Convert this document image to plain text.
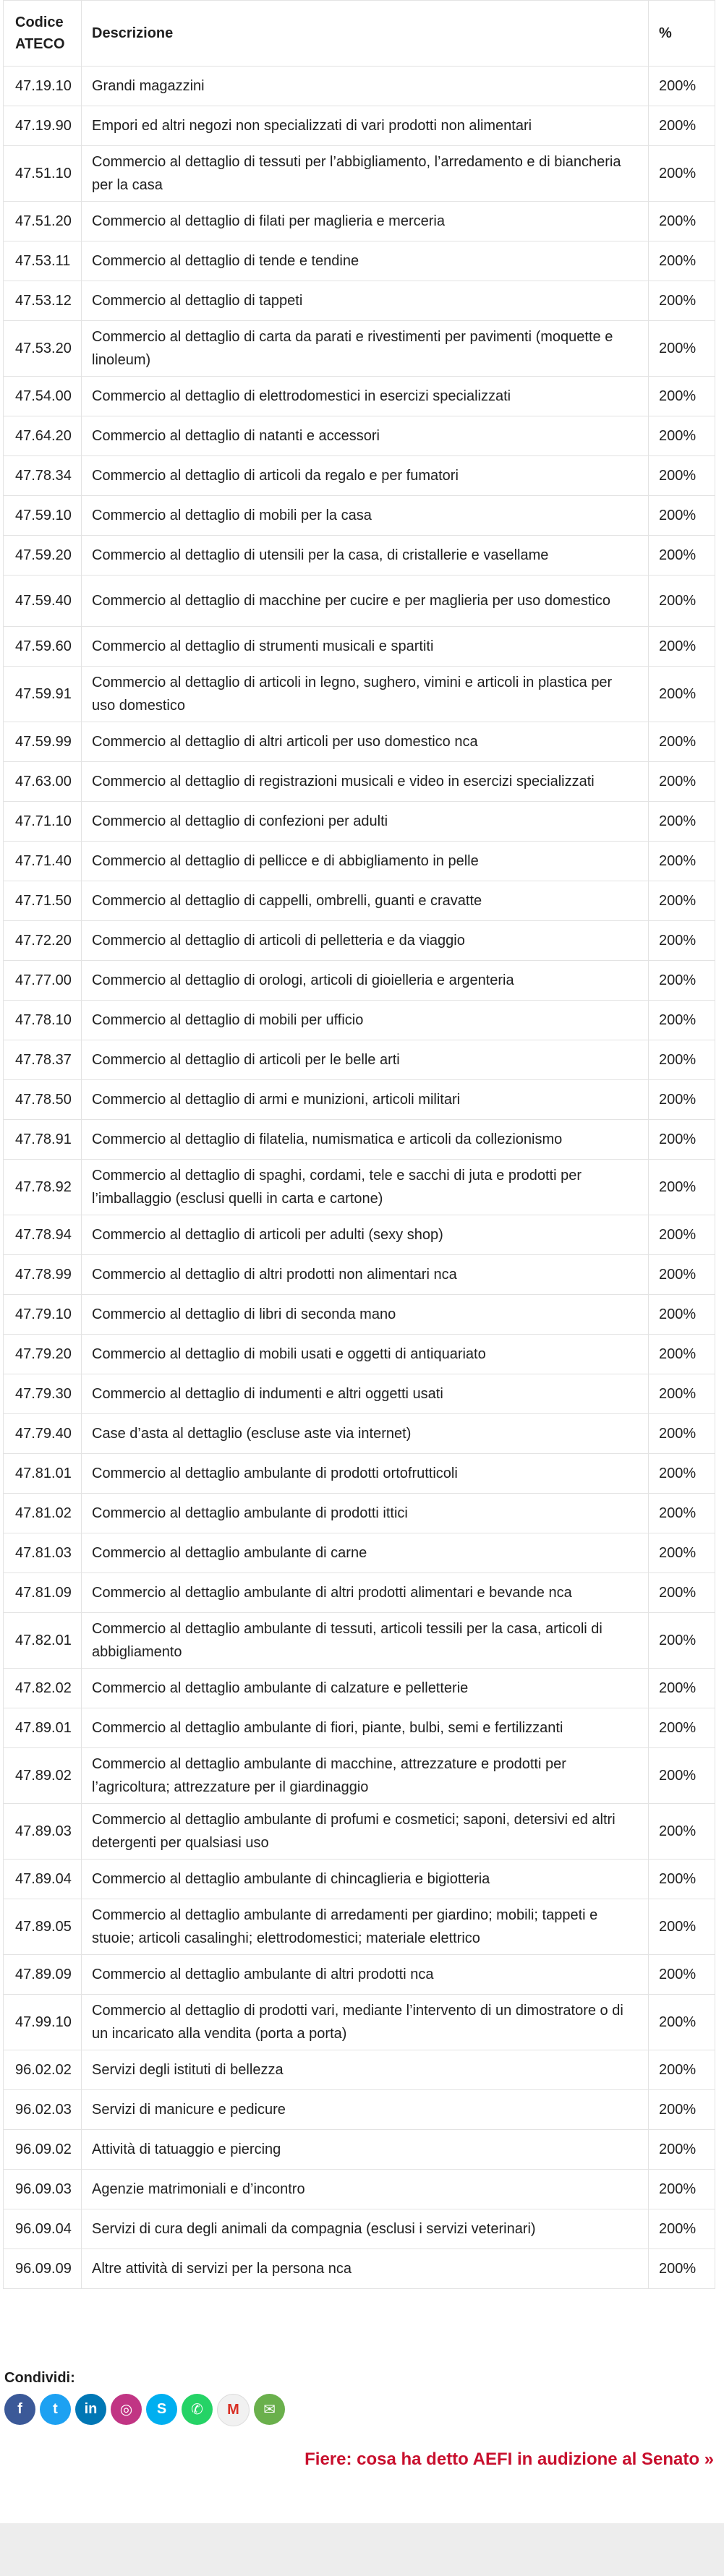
Codice ATECO	Descrizione	%
47.19.10	Grandi magazzini	200%
47.19.90	Empori ed altri negozi non specializzati di vari prodotti non alimentari	200%
47.51.10	Commercio al dettaglio di tessuti per l’abbigliamento, l’arredamento e di biancheria per la casa	200%
47.51.20	Commercio al dettaglio di filati per maglieria e merceria	200%
47.53.11	Commercio al dettaglio di tende e tendine	200%
47.53.12	Commercio al dettaglio di tappeti	200%
47.53.20	Commercio al dettaglio di carta da parati e rivestimenti per pavimenti (moquette e linoleum)	200%
47.54.00	Commercio al dettaglio di elettrodomestici in esercizi specializzati	200%
47.64.20	Commercio al dettaglio di natanti e accessori	200%
47.78.34	Commercio al dettaglio di articoli da regalo e per fumatori	200%
47.59.10	Commercio al dettaglio di mobili per la casa	200%
47.59.20	Commercio al dettaglio di utensili per la casa, di cristallerie e vasellame	200%
47.59.40	Commercio al dettaglio di macchine per cucire e per maglieria per uso domestico	200%
47.59.60	Commercio al dettaglio di strumenti musicali e spartiti	200%
47.59.91	Commercio al dettaglio di articoli in legno, sughero, vimini e articoli in plastica per uso domestico	200%
47.59.99	Commercio al dettaglio di altri articoli per uso domestico nca	200%
47.63.00	Commercio al dettaglio di registrazioni musicali e video in esercizi specializzati	200%
47.71.10	Commercio al dettaglio di confezioni per adulti	200%
47.71.40	Commercio al dettaglio di pellicce e di abbigliamento in pelle	200%
47.71.50	Commercio al dettaglio di cappelli, ombrelli, guanti e cravatte	200%
47.72.20	Commercio al dettaglio di articoli di pelletteria e da viaggio	200%
47.77.00	Commercio al dettaglio di orologi, articoli di gioielleria e argenteria	200%
47.78.10	Commercio al dettaglio di mobili per ufficio	200%
47.78.37	Commercio al dettaglio di articoli per le belle arti	200%
47.78.50	Commercio al dettaglio di armi e munizioni, articoli militari	200%
47.78.91	Commercio al dettaglio di filatelia, numismatica e articoli da collezionismo	200%
47.78.92	Commercio al dettaglio di spaghi, cordami, tele e sacchi di juta e prodotti per l’imballaggio (esclusi quelli in carta e cartone)	200%
47.78.94	Commercio al dettaglio di articoli per adulti (sexy shop)	200%
47.78.99	Commercio al dettaglio di altri prodotti non alimentari nca	200%
47.79.10	Commercio al dettaglio di libri di seconda mano	200%
47.79.20	Commercio al dettaglio di mobili usati e oggetti di antiquariato	200%
47.79.30	Commercio al dettaglio di indumenti e altri oggetti usati	200%
47.79.40	Case d’asta al dettaglio (escluse aste via internet)	200%
47.81.01	Commercio al dettaglio ambulante di prodotti ortofrutticoli	200%
47.81.02	Commercio al dettaglio ambulante di prodotti ittici	200%
47.81.03	Commercio al dettaglio ambulante di carne	200%
47.81.09	Commercio al dettaglio ambulante di altri prodotti alimentari e bevande nca	200%
47.82.01	Commercio al dettaglio ambulante di tessuti, articoli tessili per la casa, articoli di abbigliamento	200%
47.82.02	Commercio al dettaglio ambulante di calzature e pelletterie	200%
47.89.01	Commercio al dettaglio ambulante di fiori, piante, bulbi, semi e fertilizzanti	200%
47.89.02	Commercio al dettaglio ambulante di macchine, attrezzature e prodotti per l’agricoltura; attrezzature per il giardinaggio	200%
47.89.03	Commercio al dettaglio ambulante di profumi e cosmetici; saponi, detersivi ed altri detergenti per qualsiasi uso	200%
47.89.04	Commercio al dettaglio ambulante di chincaglieria e bigiotteria	200%
47.89.05	Commercio al dettaglio ambulante di arredamenti per giardino; mobili; tappeti e stuoie; articoli casalinghi; elettrodomestici; materiale elettrico	200%
47.89.09	Commercio al dettaglio ambulante di altri prodotti nca	200%
47.99.10	Commercio al dettaglio di prodotti vari, mediante l’intervento di un dimostratore o di un incaricato alla vendita (porta a porta)	200%
96.02.02	Servizi degli istituti di bellezza	200%
96.02.03	Servizi di manicure e pedicure	200%
96.09.02	Attività di tatuaggio e piercing	200%
96.09.03	Agenzie matrimoniali e d’incontro	200%
96.09.04	Servizi di cura degli animali da compagnia (esclusi i servizi veterinari)	200%
96.09.09	Altre attività di servizi per la persona nca	200%
Condividi:
f	t	in	◎	S	✆	M	✉
Fiere: cosa ha detto AEFI in audizione al Senato »
